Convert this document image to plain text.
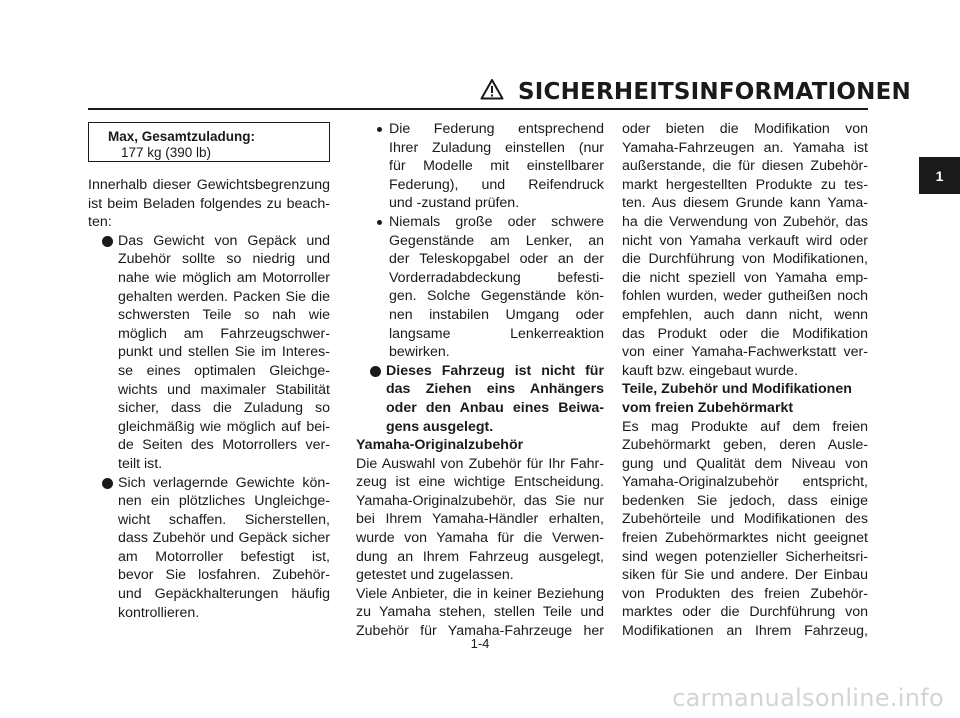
SICHERHEITSINFORMATIONEN
1
Max, Gesamtzuladung:
177 kg (390 lb)
Innerhalb dieser Gewichtsbegrenzung
ist beim Beladen folgendes zu beach-
ten:
Das Gewicht von Gepäck und
Zubehör sollte so niedrig und
nahe wie möglich am Motorroller
gehalten werden. Packen Sie die
schwersten Teile so nah wie
möglich am Fahrzeugschwer-
punkt und stellen Sie im Interes-
se eines optimalen Gleichge-
wichts und maximaler Stabilität
sicher, dass die Zuladung so
gleichmäßig wie möglich auf bei-
de Seiten des Motorrollers ver-
teilt ist.
Sich verlagernde Gewichte kön-
nen ein plötzliches Ungleichge-
wicht schaffen. Sicherstellen,
dass Zubehör und Gepäck sicher
am Motorroller befestigt ist,
bevor Sie losfahren. Zubehör-
und Gepäckhalterungen häufig
kontrollieren.
Die Federung entsprechend
Ihrer Zuladung einstellen (nur
für Modelle mit einstellbarer
Federung), und Reifendruck
und -zustand prüfen.
Niemals große oder schwere
Gegenstände am Lenker, an
der Teleskopgabel oder an der
Vorderradabdeckung befesti-
gen. Solche Gegenstände kön-
nen instabilen Umgang oder
langsame Lenkerreaktion
bewirken.
Dieses Fahrzeug ist nicht für
das Ziehen eins Anhängers
oder den Anbau eines Beiwa-
gens ausgelegt.
Yamaha-Originalzubehör
Die Auswahl von Zubehör für Ihr Fahr-
zeug ist eine wichtige Entscheidung.
Yamaha-Originalzubehör, das Sie nur
bei Ihrem Yamaha-Händler erhalten,
wurde von Yamaha für die Verwen-
dung an Ihrem Fahrzeug ausgelegt,
getestet und zugelassen.
Viele Anbieter, die in keiner Beziehung
zu Yamaha stehen, stellen Teile und
Zubehör für Yamaha-Fahrzeuge her
oder bieten die Modifikation von
Yamaha-Fahrzeugen an. Yamaha ist
außerstande, die für diesen Zubehör-
markt hergestellten Produkte zu tes-
ten. Aus diesem Grunde kann Yama-
ha die Verwendung von Zubehör, das
nicht von Yamaha verkauft wird oder
die Durchführung von Modifikationen,
die nicht speziell von Yamaha emp-
fohlen wurden, weder gutheißen noch
empfehlen, auch dann nicht, wenn
das Produkt oder die Modifikation
von einer Yamaha-Fachwerkstatt ver-
kauft bzw. eingebaut wurde.
Teile, Zubehör und Modifikationen
vom freien Zubehörmarkt
Es mag Produkte auf dem freien
Zubehörmarkt geben, deren Ausle-
gung und Qualität dem Niveau von
Yamaha-Originalzubehör entspricht,
bedenken Sie jedoch, dass einige
Zubehörteile und Modifikationen des
freien Zubehörmarktes nicht geeignet
sind wegen potenzieller Sicherheitsri-
siken für Sie und andere. Der Einbau
von Produkten des freien Zubehör-
marktes oder die Durchführung von
Modifikationen an Ihrem Fahrzeug,
1-4
carmanualsonline.info
